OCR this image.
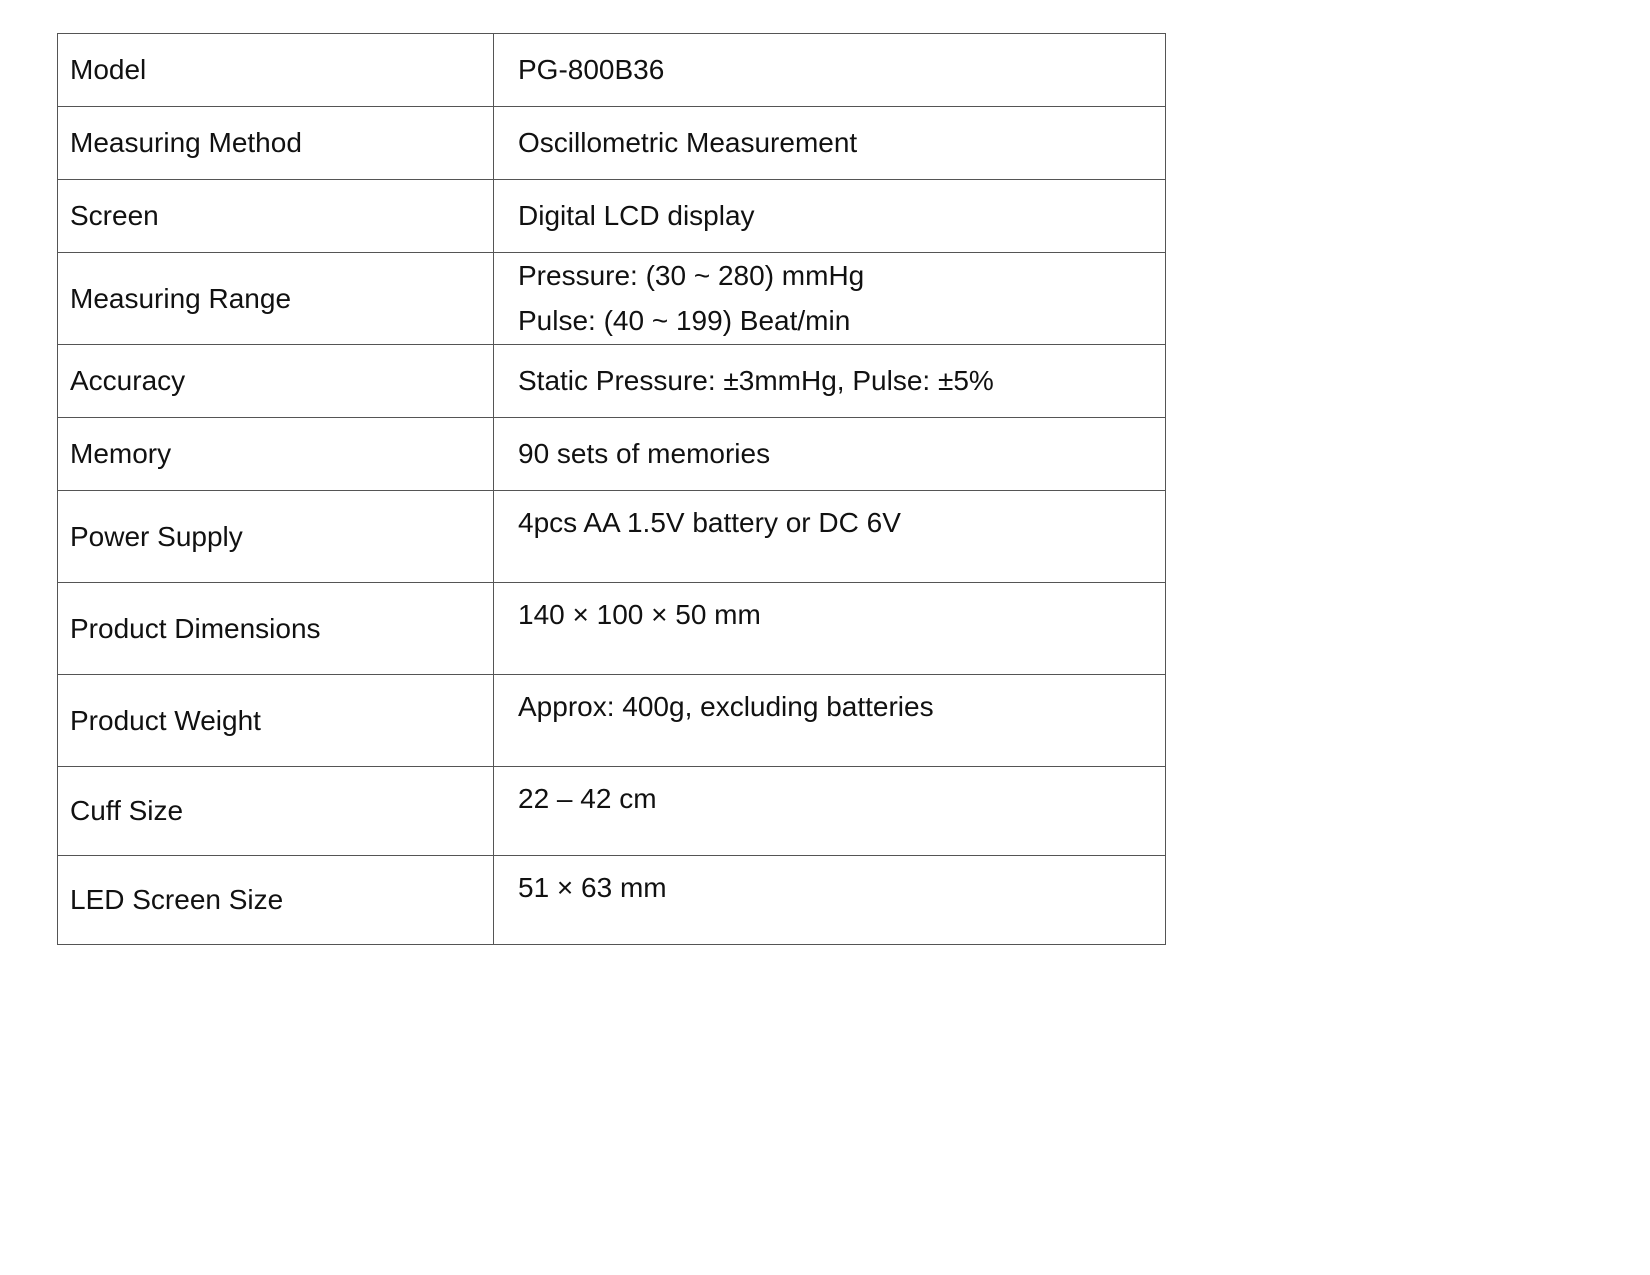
Model	PG-800B36
Measuring Method	Oscillometric Measurement
Screen	Digital LCD display
Measuring Range	Pressure: (30 ~ 280) mmHg
Pulse: (40 ~ 199) Beat/min

Accuracy	Static Pressure: ±3mmHg, Pulse: ±5%
Memory	90 sets of memories
Power Supply	4pcs AA 1.5V battery or DC 6V
Product Dimensions	140 × 100 × 50 mm
Product Weight	Approx: 400g, excluding batteries
Cuff Size	22 – 42 cm
LED Screen Size	51 × 63 mm
